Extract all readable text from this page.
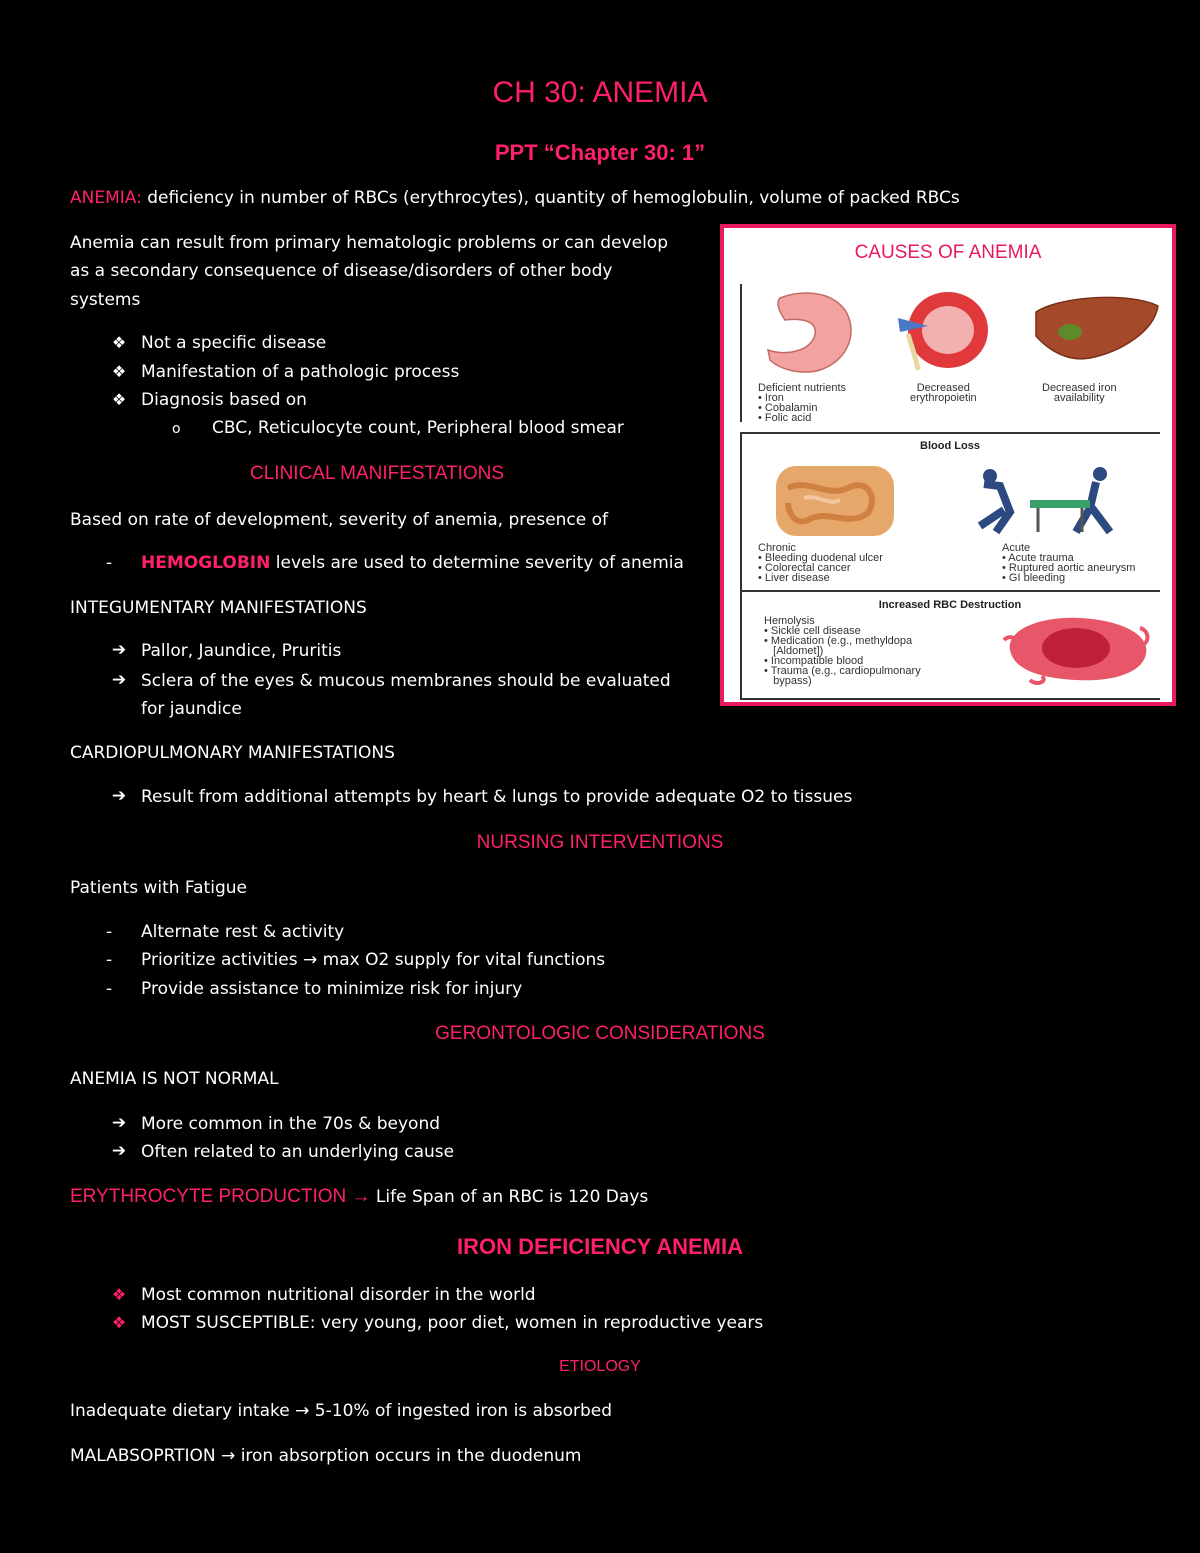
CH 30: ANEMIA
PPT “Chapter 30: 1”
ANEMIA: deficiency in number of RBCs (erythrocytes), quantity of hemoglobulin, volume of packed RBCs
Anemia can result from primary hematologic problems or can develop
as a secondary consequence of disease/disorders of other body
systems
❖ Not a specific disease
❖ Manifestation of a pathologic process
❖ Diagnosis based on
o CBC, Reticulocyte count, Peripheral blood smear
CLINICAL MANIFESTATIONS
Based on rate of development, severity of anemia, presence of
- HEMOGLOBIN levels are used to determine severity of anemia
INTEGUMENTARY MANIFESTATIONS
➔ Pallor, Jaundice, Pruritis
➔ Sclera of the eyes & mucous membranes should be evaluated
for jaundice
CARDIOPULMONARY MANIFESTATIONS
➔ Result from additional attempts by heart & lungs to provide adequate O2 to tissues
NURSING INTERVENTIONS
Patients with Fatigue
- Alternate rest & activity
- Prioritize activities → max O2 supply for vital functions
- Provide assistance to minimize risk for injury
GERONTOLOGIC CONSIDERATIONS
ANEMIA IS NOT NORMAL
➔ More common in the 70s & beyond
➔ Often related to an underlying cause
ERYTHROCYTE PRODUCTION → Life Span of an RBC is 120 Days
IRON DEFICIENCY ANEMIA
❖ Most common nutritional disorder in the world
❖ MOST SUSCEPTIBLE: very young, poor diet, women in reproductive years
ETIOLOGY
Inadequate dietary intake → 5-10% of ingested iron is absorbed
MALABSOPRTION → iron absorption occurs in the duodenum
CAUSES OF ANEMIA
Deficient nutrients
• Iron
• Cobalamin
• Folic acid
Decreased
erythropoietin
Decreased iron
availability
Blood Loss
Chronic
• Bleeding duodenal ulcer
• Colorectal cancer
• Liver disease
Acute
• Acute trauma
• Ruptured aortic aneurysm
• GI bleeding
Increased RBC Destruction
Hemolysis
• Sickle cell disease
• Medication (e.g., methyldopa
[Aldomet])
• Incompatible blood
• Trauma (e.g., cardiopulmonary
bypass)
